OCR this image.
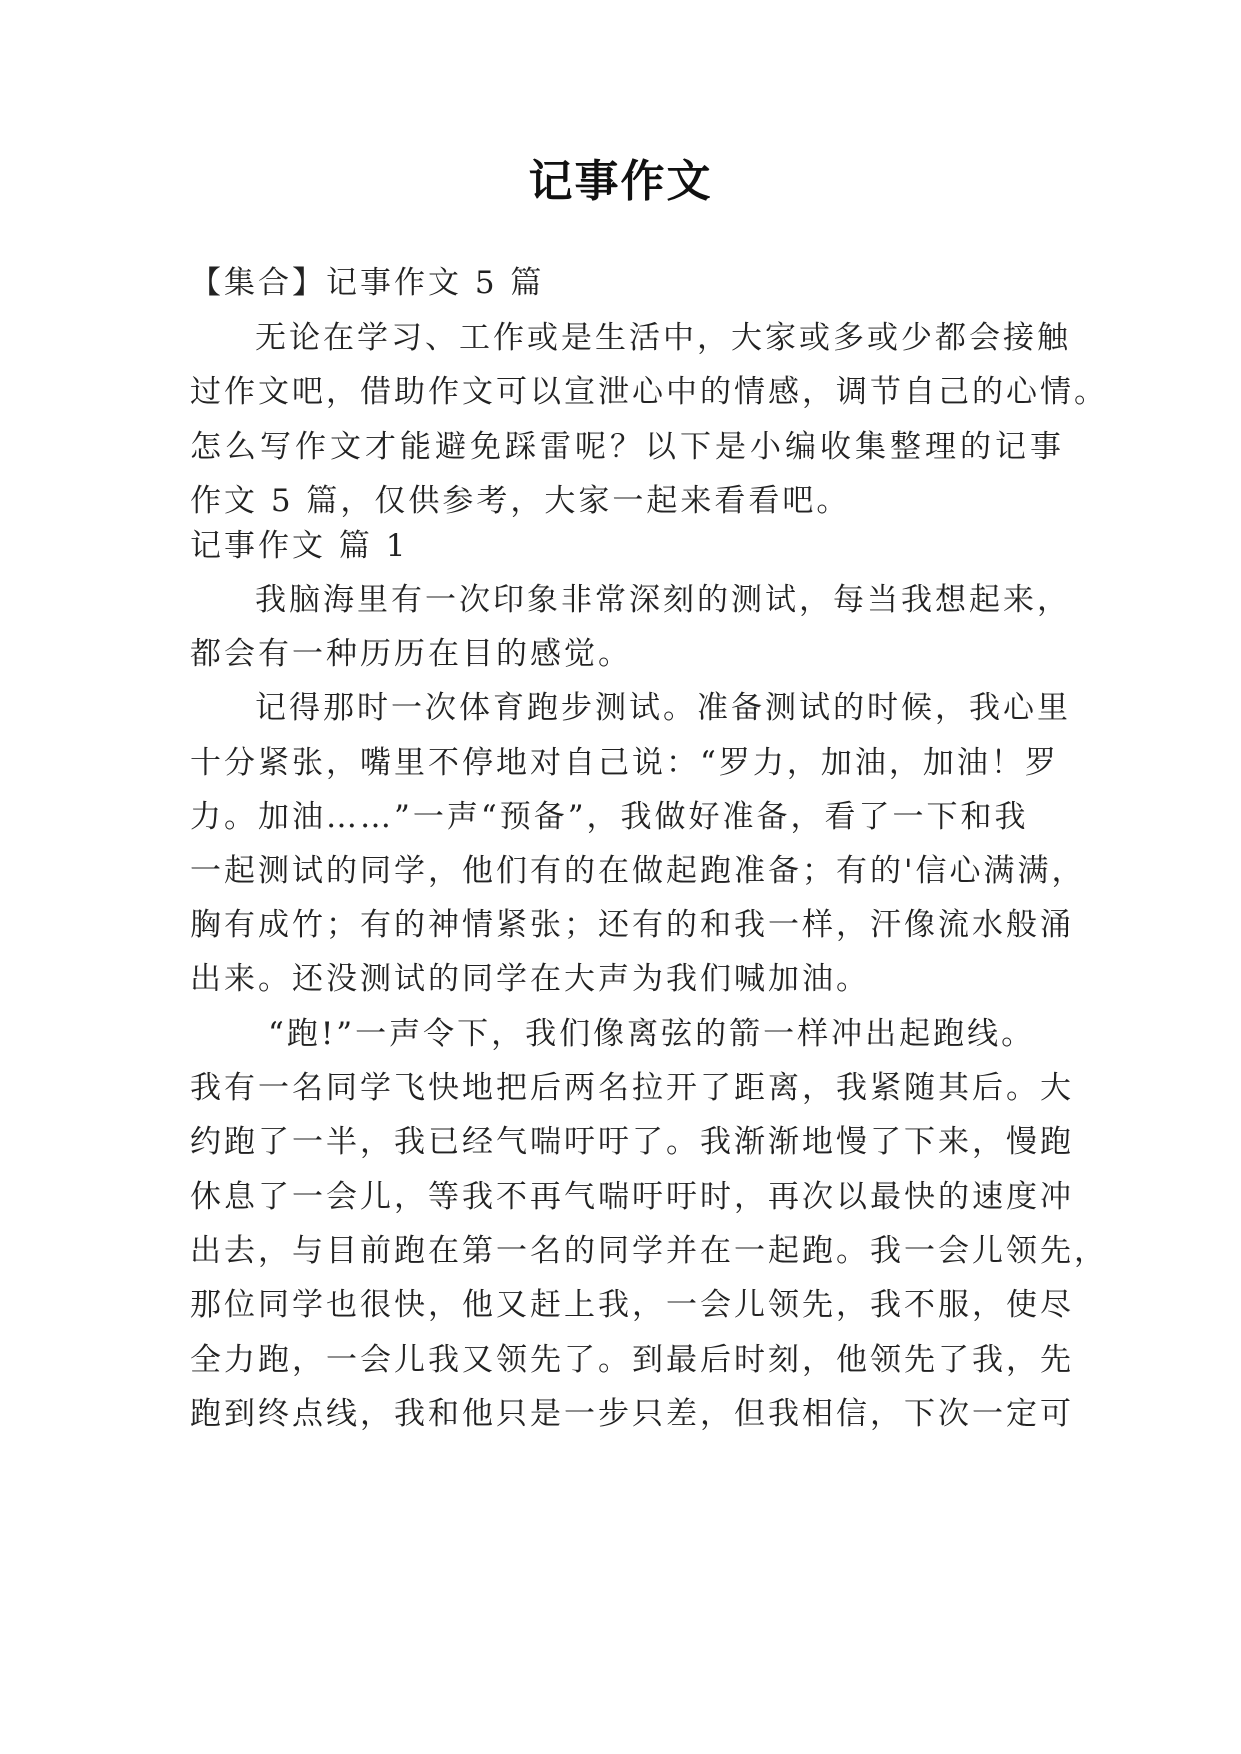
记事作文
【集合】记事作文 5 篇
无论在学习、工作或是生活中，大家或多或少都会接触
过作文吧，借助作文可以宣泄心中的情感，调节自己的心情。
怎么写作文才能避免踩雷呢？以下是小编收集整理的记事
作文 5 篇，仅供参考，大家一起来看看吧。
记事作文 篇 1
我脑海里有一次印象非常深刻的测试，每当我想起来，
都会有一种历历在目的感觉。
记得那时一次体育跑步测试。准备测试的时候，我心里
十分紧张，嘴里不停地对自己说：“罗力，加油，加油！罗
力。加油……”一声“预备”，我做好准备，看了一下和我
一起测试的同学，他们有的在做起跑准备；有的'信心满满，
胸有成竹；有的神情紧张；还有的和我一样，汗像流水般涌
出来。还没测试的同学在大声为我们喊加油。
“跑!”一声令下，我们像离弦的箭一样冲出起跑线。
我有一名同学飞快地把后两名拉开了距离，我紧随其后。大
约跑了一半，我已经气喘吁吁了。我渐渐地慢了下来，慢跑
休息了一会儿，等我不再气喘吁吁时，再次以最快的速度冲
出去，与目前跑在第一名的同学并在一起跑。我一会儿领先，
那位同学也很快，他又赶上我，一会儿领先，我不服，使尽
全力跑，一会儿我又领先了。到最后时刻，他领先了我，先
跑到终点线，我和他只是一步只差，但我相信，下次一定可
